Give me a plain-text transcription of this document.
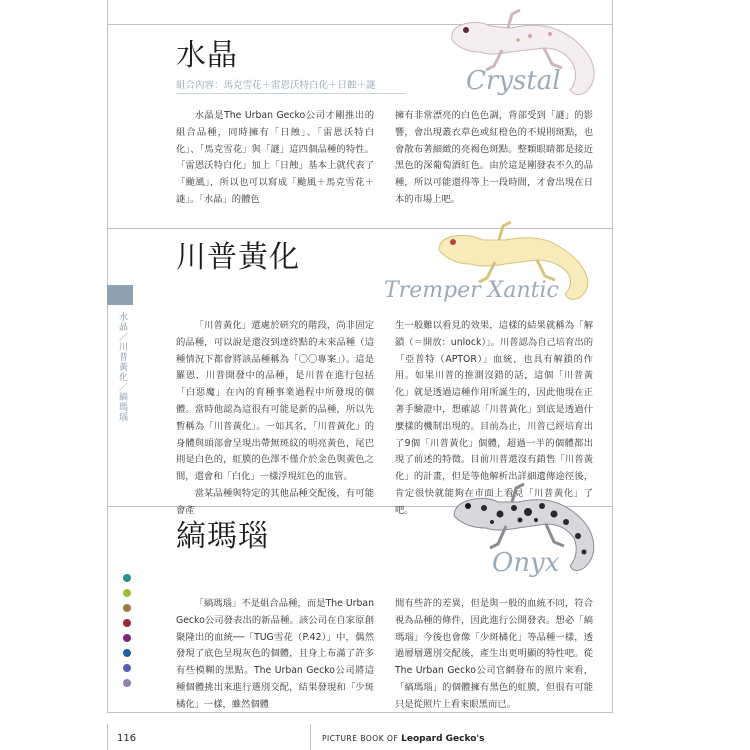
水晶
組合內容：馬克雪花＋雷恩沃特白化＋日蝕＋謎	Crystal

水晶是The Urban Gecko公司才剛推出的組合品種，同時擁有「日蝕」、「雷恩沃特白化」、「馬克雪花」與「謎」這四個品種的特性。「雷恩沃特白化」加上「日蝕」基本上就代表了「颱風」，所以也可以寫成「颱風＋馬克雪花＋謎」。「水晶」的體色

擁有非常漂亮的白色色調，背部受到「謎」的影響，會出現叢衣草色或紅橙色的不規則斑點，也會散布著細緻的亮褐色斑點。整顆眼睛都是接近黑色的深葡萄酒紅色。由於這是剛發表不久的品種，所以可能還得等上一段時間，才會出現在日本的市場上吧。

川普黃化
Tremper Xantic
水晶／川普黃化／縞瑪瑙	「川普黃化」還處於研究的階段，尚非固定的品種，可以說是還沒到達終點的未來品種（這種情況下都會將該品種稱為「〇〇專案」）。這是羅恩．川普開發中的品種，是川普在進行包括「白惡魔」在內的育種事業過程中所發現的個體。當時他認為這很有可能是新的品種，所以先暫稱為「川普黃化」。一如其名，「川普黃化」的身體與頭部會呈現出帶無斑紋的明亮黃色，尾巴則是白色的，虹膜的色澤不僅介於金色與黃色之間，還會和「白化」一樣浮現紅色的血管。

當某品種與特定的其他品種交配後，有可能會產

生一般難以看見的效果，這樣的結果就稱為「解鎖（＝開放：unlock）」。川普認為自己培育出的「亞普特（APTOR）」血統，也具有解鎖的作用。如果川普的推測沒錯的話，這個「川普黃化」就是透過這種作用所誕生的，因此他現在正著手驗證中，想確認「川普黃化」到底是透過什麼樣的機制出現的。目前為止，川普已經培育出了9個「川普黃化」個體，超過一半的個體都出現了前述的特徵。目前川普還沒有銷售「川普黃化」的計畫，但是等他解析出詳細遺傳途徑後，肯定很快就能夠在市面上看見「川普黃化」了吧。

縞瑪瑙
Onyx

「縞瑪瑙」不是組合品種，而是The Urban Gecko公司發表出的新品種。該公司在自家原創聚隆出的血統──「TUG雪花（P.42）」中，偶然發現了底色呈現灰色的個體，且身上布滿了許多有些模糊的黑點。The Urban Gecko公司將這種個體挑出來進行選別交配，結果發現和「少斑橘化」一樣，雖然個體

間有些許的差異，但是與一般的血統不同，符合視為品種的條件，因此進行公開發表。想必「縞瑪瑙」今後也會像「少斑橘化」等品種一樣，透過層層選別交配後，產生出更明顯的特性吧。從The Urban Gecko公司官網發布的照片來看，「縞瑪瑙」的個體擁有黑色的虹膜，但很有可能只是從照片上看來眼黑而已。

116	PICTURE BOOK OF Leopard Gecko's
